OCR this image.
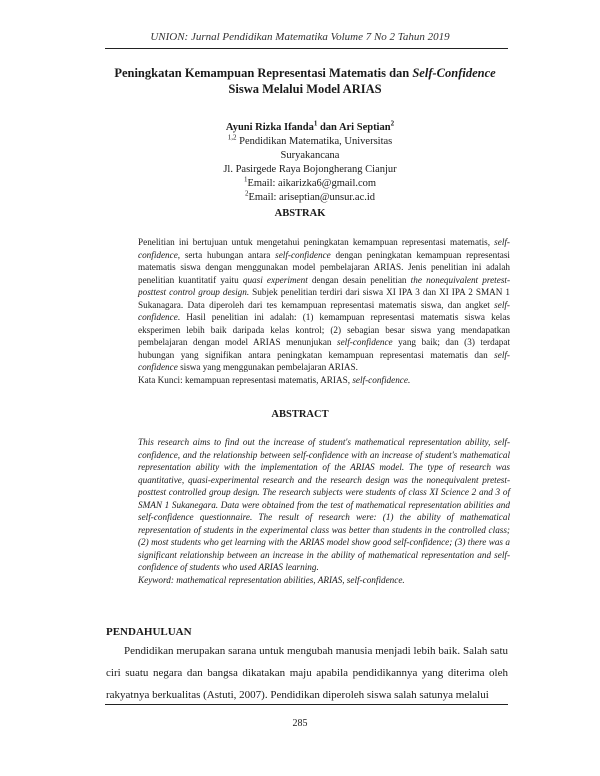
UNION: Jurnal Pendidikan Matematika Volume 7 No 2 Tahun 2019
Peningkatan Kemampuan Representasi Matematis dan Self-Confidence
Siswa Melalui Model ARIAS
Ayuni Rizka Ifanda$^1$ dan Ari Septian$^2$
$^{1,2}$ Pendidikan Matematika, Universitas Suryakancana
Jl. Pasirgede Raya Bojongherang Cianjur
$^1$Email: aikarizka6@gmail.com
$^2$Email: ariseptian@unsur.ac.id
ABSTRAK

Penelitian ini bertujuan untuk mengetahui peningkatan kemampuan representasi matematis, self-confidence, serta hubungan antara self-confidence dengan peningkatan kemampuan representasi matematis siswa dengan menggunakan model pembelajaran ARIAS. Jenis penelitian ini adalah penelitian kuantitatif yaitu quasi experiment dengan desain penelitian the nonequivalent pretest-posttest control group design. Subjek penelitian terdiri dari siswa XI IPA 3 dan XI IPA 2 SMAN 1 Sukanagara. Data diperoleh dari tes kemampuan representasi matematis siswa, dan angket self-confidence. Hasil penelitian ini adalah: (1) kemampuan representasi matematis siswa kelas eksperimen lebih baik daripada kelas kontrol; (2) sebagian besar siswa yang mendapatkan pembelajaran dengan model ARIAS menunjukan self-confidence yang baik; dan (3) terdapat hubungan yang signifikan antara peningkatan kemampuan representasi matematis dan self-confidence siswa yang menggunakan pembelajaran ARIAS.

Kata Kunci: kemampuan representasi matematis, ARIAS, self-confidence.

ABSTRACT

This research aims to find out the increase of student's mathematical representation ability, self-confidence, and the relationship between self-confidence with an increase of student's mathematical representation ability with the implementation of the ARIAS model. The type of research was quantitative, quasi-experimental research and the research design was the nonequivalent pretest-posttest controlled group design. The research subjects were students of class XI Science 2 and 3 of SMAN 1 Sukanegara. Data were obtained from the test of mathematical representation abilities and self-confidence questionnaire. The result of research were: (1) the ability of mathematical representation of students in the experimental class was better than students in the controlled class; (2) most students who get learning with the ARIAS model show good self-confidence; (3) there was a significant relationship between an increase in the ability of mathematical representation and self-confidence of students who used ARIAS learning.

Keyword: mathematical representation abilities, ARIAS, self-confidence.

PENDAHULUAN
Pendidikan merupakan sarana untuk mengubah manusia menjadi lebih baik. Salah satu ciri suatu negara dan bangsa dikatakan maju apabila pendidikannya yang diterima oleh rakyatnya berkualitas (Astuti, 2007). Pendidikan diperoleh siswa salah satunya melalui
285
